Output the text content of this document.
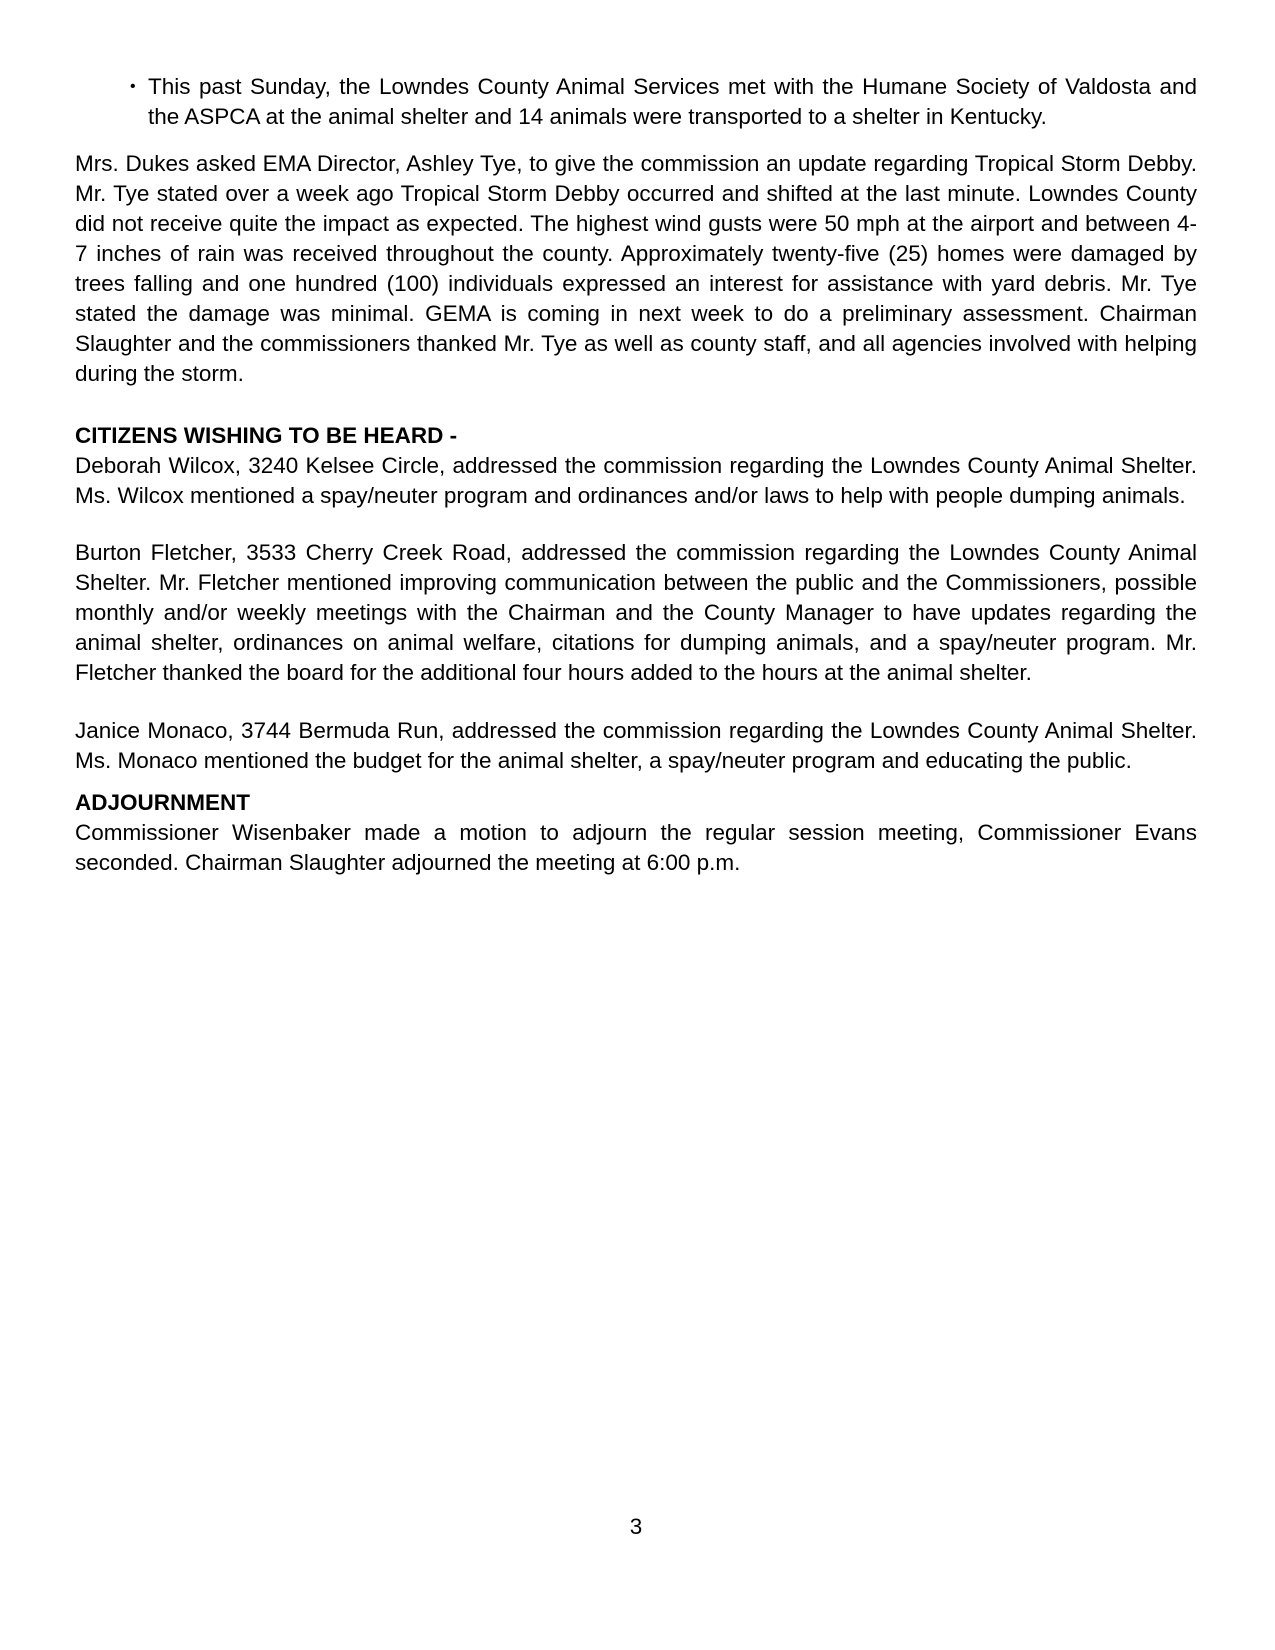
• This past Sunday, the Lowndes County Animal Services met with the Humane Society of Valdosta and the ASPCA at the animal shelter and 14 animals were transported to a shelter in Kentucky.

Mrs. Dukes asked EMA Director, Ashley Tye, to give the commission an update regarding Tropical Storm Debby. Mr. Tye stated over a week ago Tropical Storm Debby occurred and shifted at the last minute. Lowndes County did not receive quite the impact as expected. The highest wind gusts were 50 mph at the airport and between 4-7 inches of rain was received throughout the county. Approximately twenty-five (25) homes were damaged by trees falling and one hundred (100) individuals expressed an interest for assistance with yard debris. Mr. Tye stated the damage was minimal. GEMA is coming in next week to do a preliminary assessment. Chairman Slaughter and the commissioners thanked Mr. Tye as well as county staff, and all agencies involved with helping during the storm.

CITIZENS WISHING TO BE HEARD -

Deborah Wilcox, 3240 Kelsee Circle, addressed the commission regarding the Lowndes County Animal Shelter. Ms. Wilcox mentioned a spay/neuter program and ordinances and/or laws to help with people dumping animals.

Burton Fletcher, 3533 Cherry Creek Road, addressed the commission regarding the Lowndes County Animal Shelter. Mr. Fletcher mentioned improving communication between the public and the Commissioners, possible monthly and/or weekly meetings with the Chairman and the County Manager to have updates regarding the animal shelter, ordinances on animal welfare, citations for dumping animals, and a spay/neuter program. Mr. Fletcher thanked the board for the additional four hours added to the hours at the animal shelter.

Janice Monaco, 3744 Bermuda Run, addressed the commission regarding the Lowndes County Animal Shelter. Ms. Monaco mentioned the budget for the animal shelter, a spay/neuter program and educating the public.

ADJOURNMENT

Commissioner Wisenbaker made a motion to adjourn the regular session meeting, Commissioner Evans seconded. Chairman Slaughter adjourned the meeting at 6:00 p.m.

3
